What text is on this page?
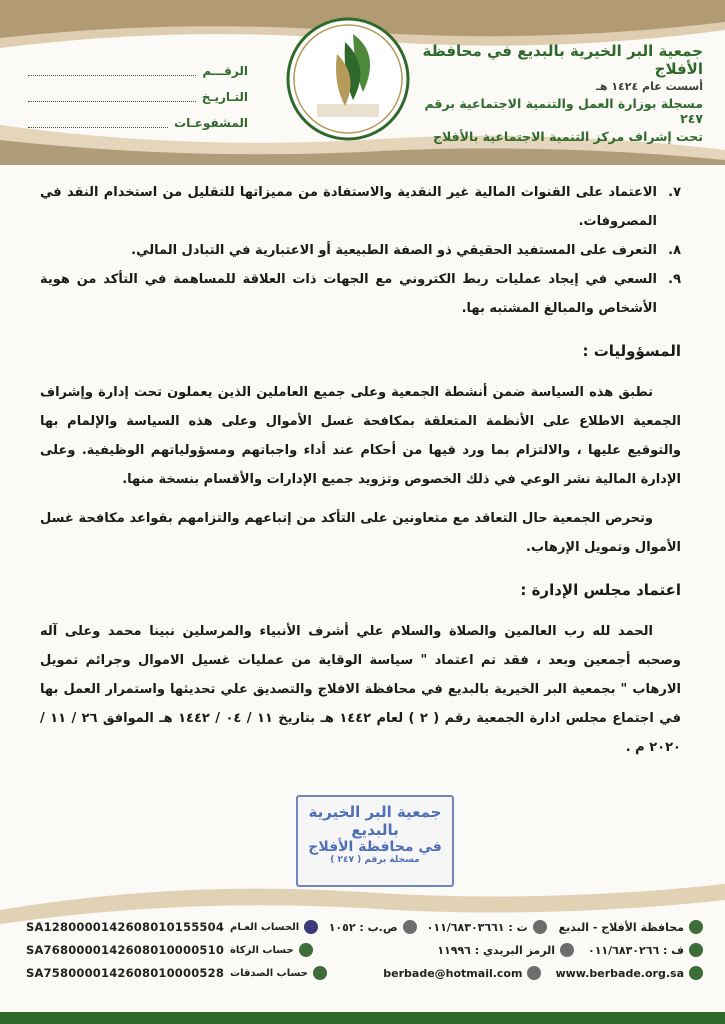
جمعية البر الخيرية بالبديع في محافظة الأفلاج
أسست عام ١٤٢٤ هـ
مسجلة بوزارة العمل والتنمية الاجتماعية برقم ٢٤٧
تحت إشراف مركز التنمية الاجتماعية بالأفلاج
الرقـــم
التـاريـخ
المشفوعـات
٧.
الاعتماد على القنوات المالية غير النقدية والاستفادة من مميزاتها للتقليل من استخدام النقد في المصروفات.
٨.
التعرف على المستفيد الحقيقي ذو الصفة الطبيعية أو الاعتبارية في التبادل المالي.
٩.
السعي في إيجاد عمليات ربط الكتروني مع الجهات ذات العلاقة للمساهمة في التأكد من هوية الأشخاص والمبالغ المشتبه بها.
المسؤوليات :

تطبق هذه السياسة ضمن أنشطة الجمعية وعلى جميع العاملين الذين يعملون تحت إدارة وإشراف الجمعية الاطلاع على الأنظمة المتعلقة بمكافحة غسل الأموال وعلى هذه السياسة والإلمام بها والتوقيع عليها ، والالتزام بما ورد فيها من أحكام عند أداء واجباتهم ومسؤولياتهم الوظيفية. وعلى الإدارة المالية نشر الوعي في ذلك الخصوص وتزويد جميع الإدارات والأقسام بنسخة منها.

وتحرص الجمعية حال التعاقد مع متعاونين على التأكد من إتباعهم والتزامهم بقواعد مكافحة غسل الأموال وتمويل الإرهاب.

اعتماد مجلس الإدارة :

الحمد لله رب العالمين والصلاة والسلام علي أشرف الأنبياء والمرسلين نبينا محمد وعلى آله وصحبه أجمعين وبعد ، فقد تم اعتماد " سياسة الوقاية من عمليات غسيل الاموال وجرائم تمويل الارهاب " بجمعية البر الخيرية بالبديع في محافظة الافلاج والتصديق علي تحديثها واستمرار العمل بها في اجتماع مجلس ادارة الجمعية رقم ( ٢ ) لعام ١٤٤٢ هـ بتاريخ ١١ / ٠٤ / ١٤٤٢ هـ الموافق ٢٦ / ١١ / ٢٠٢٠ م .

جمعية البر الخيرية
بالبديع
في محافظة الأفلاج
مسجلة برقم ( ٢٤٧ )
محافظة الأفلاج - البديع
ت : ٠١١/٦٨٣٠٣٦٦١
ص.ب : ١٠٥٢
ف : ٠١١/٦٨٣٠٢٦٦
الرمز البريدي : ١١٩٩٦
www.berbade.org.sa
berbade@hotmail.com
الحساب العـام
SA1280000142608010155504
حساب الزكاة
SA7680000142608010000510
حساب الصدقات
SA7580000142608010000528
